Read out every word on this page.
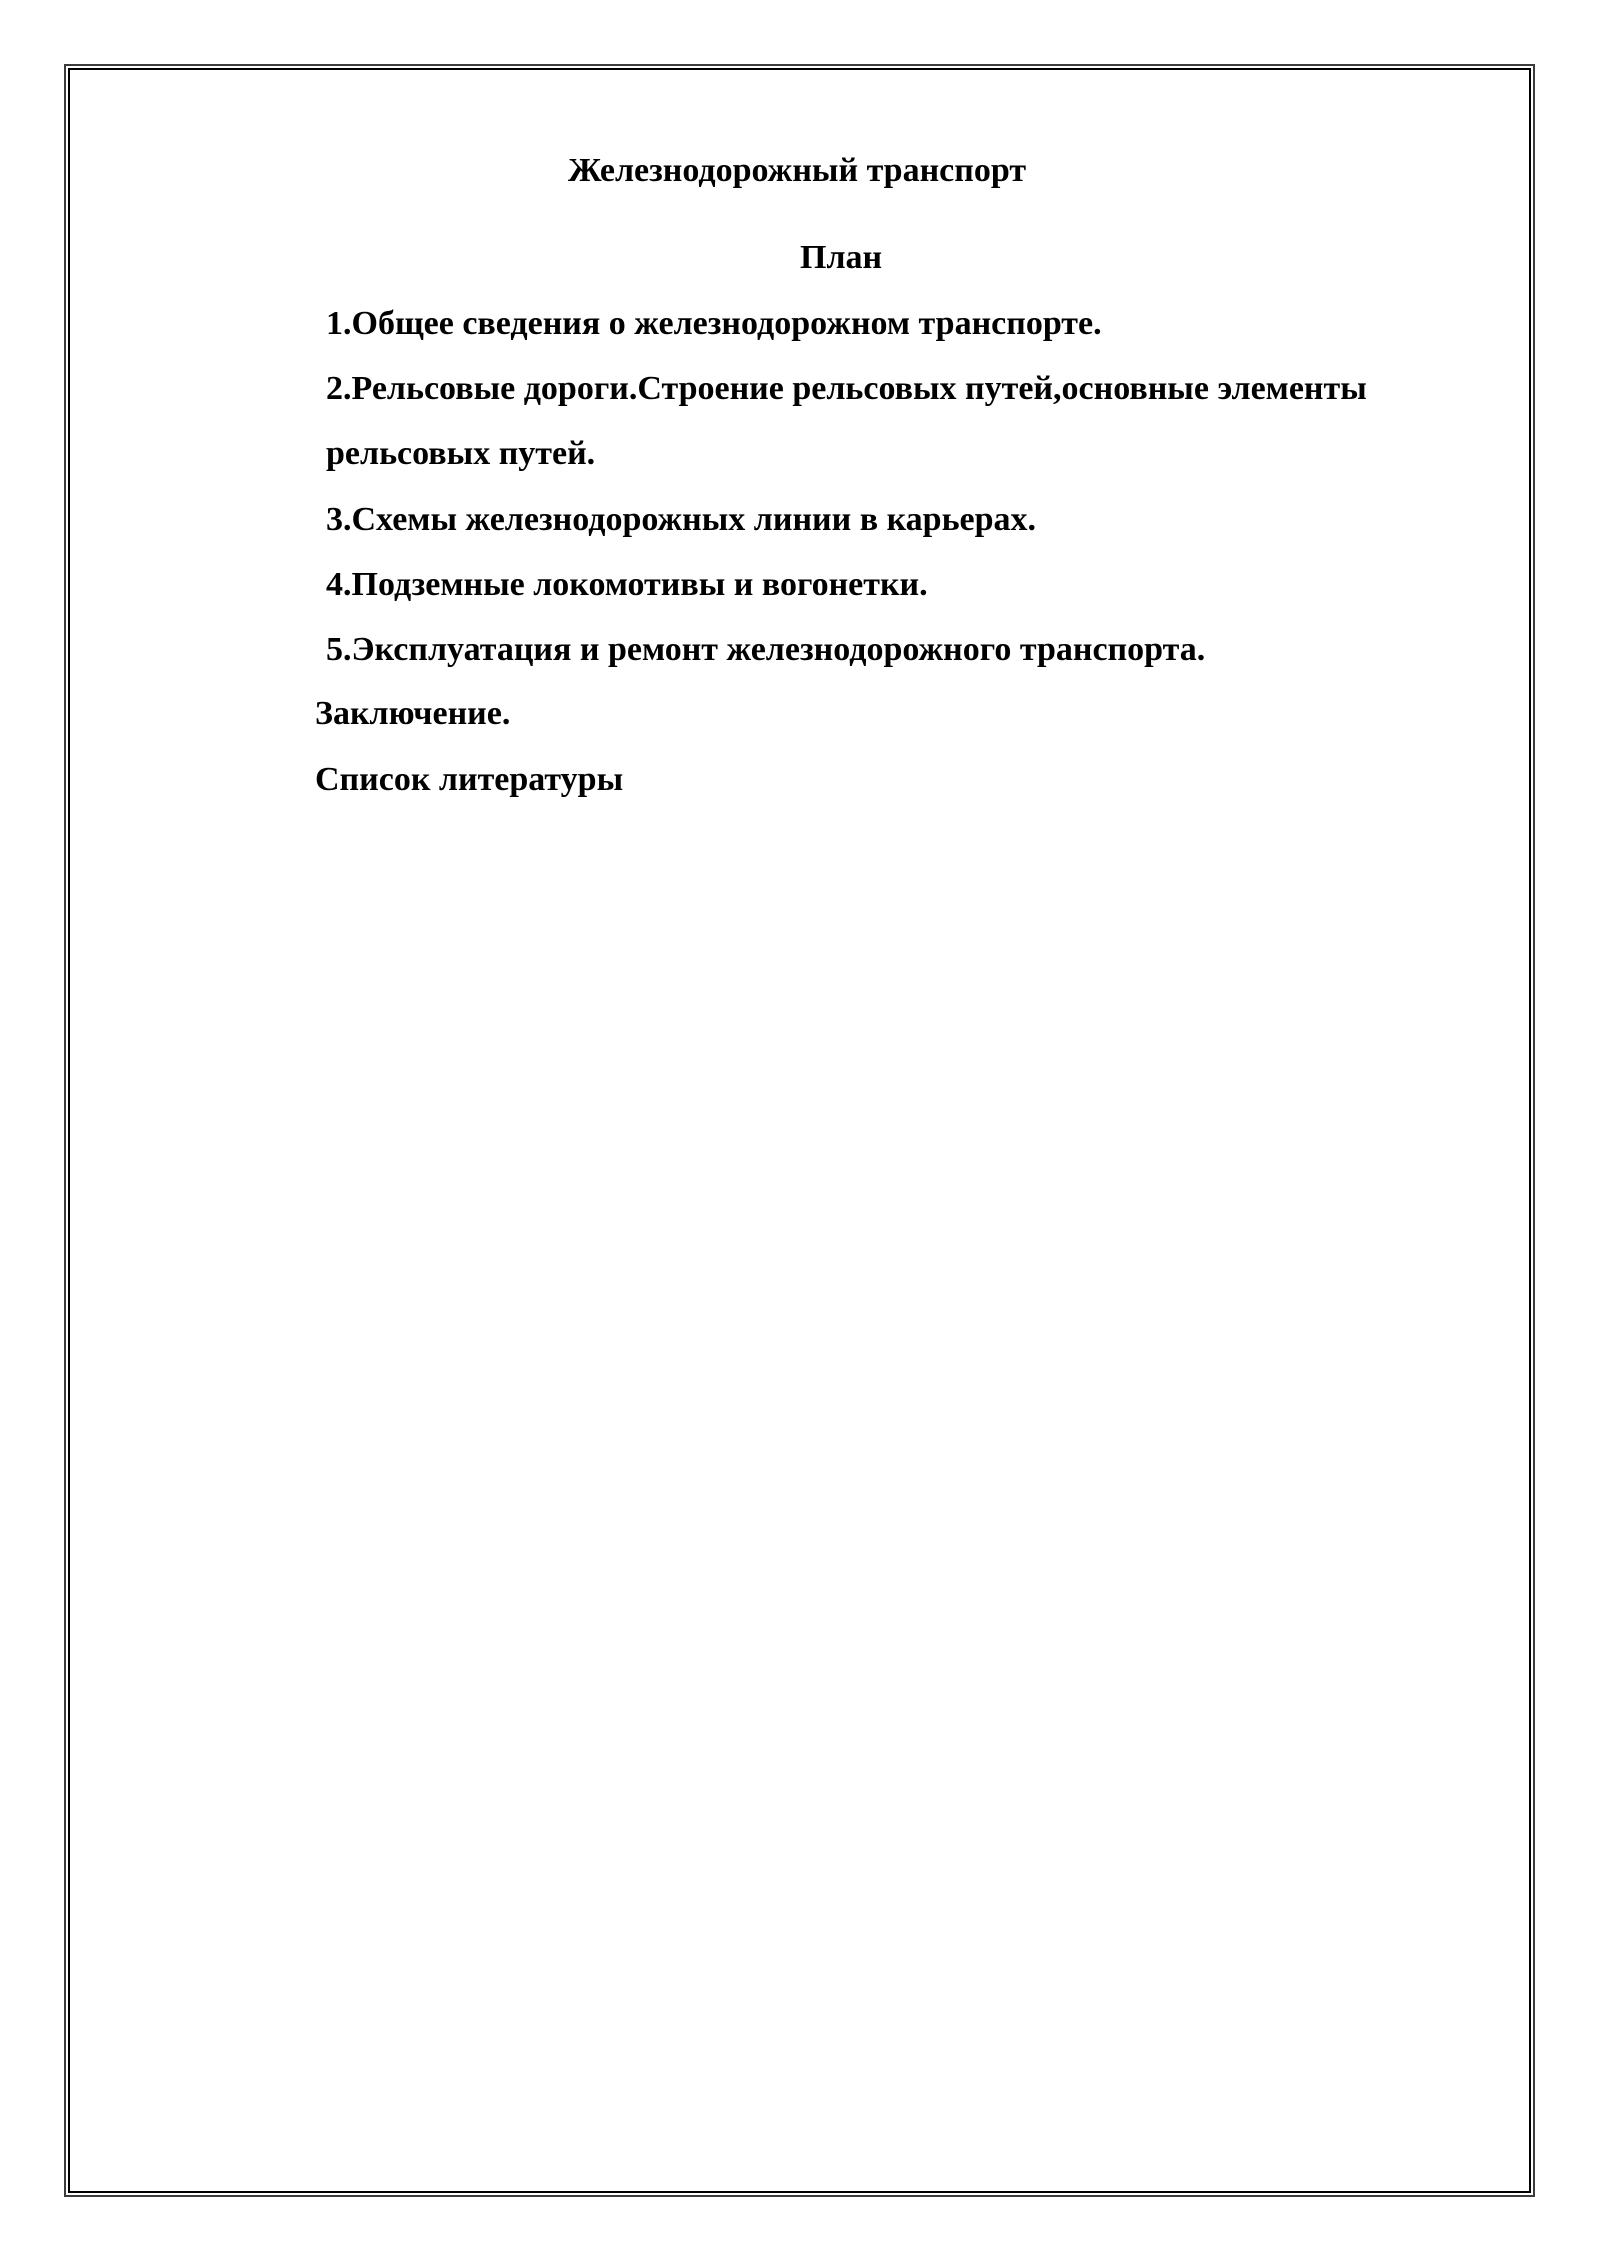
Железнодорожный транспорт
План
1.Общее сведения о железнодорожном транспорте.
2.Рельсовые дороги.Строение рельсовых путей,основные элементы
рельсовых путей.
3.Схемы железнодорожных линии в карьерах.
4.Подземные локомотивы и вогонетки.
5.Эксплуатация и ремонт железнодорожного транспорта.
Заключение.
Список литературы
